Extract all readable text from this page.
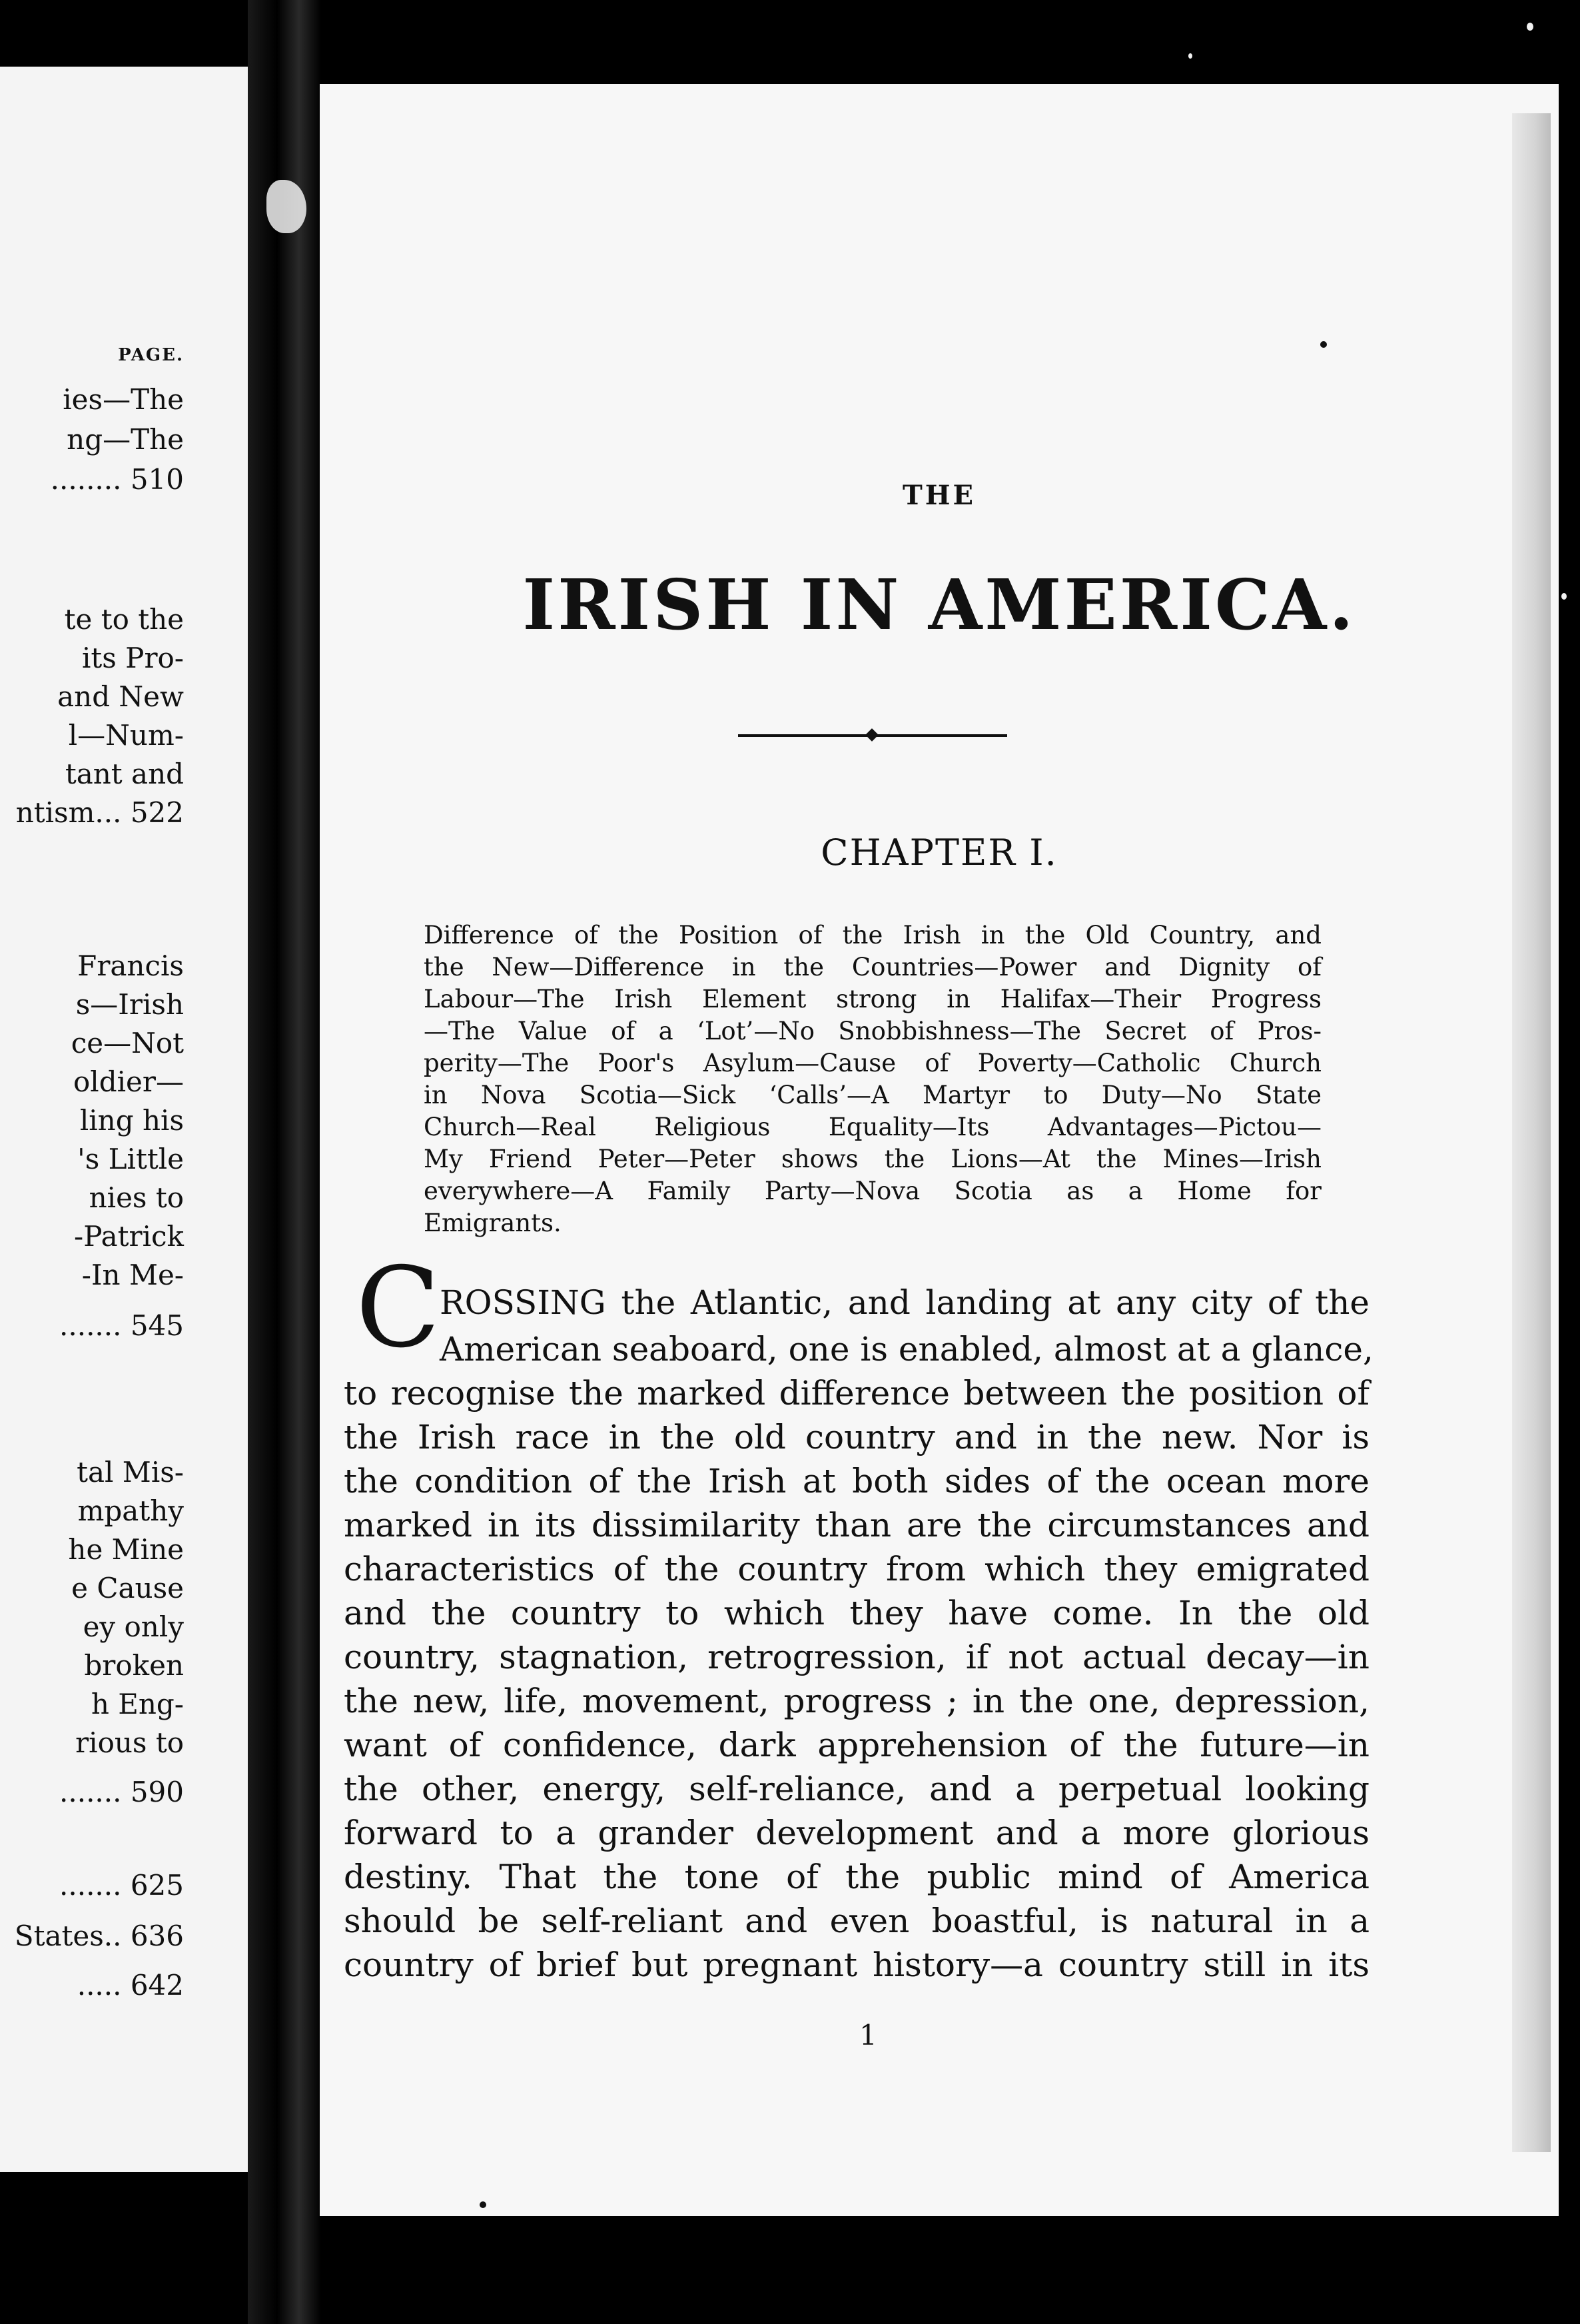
PAGE.
ies—The
ng—The
........ 510
te to the
its Pro-
and New
l—Num-
tant and
ntism... 522
Francis
s—Irish
ce—Not
oldier—
ling his
's Little
nies to
-Patrick
-In Me-
....... 545
tal Mis-
mpathy
he Mine
e Cause
ey only
broken
h Eng-
rious to
....... 590
....... 625
States.. 636
..... 642
THE
IRISH IN AMERICA.
CHAPTER I.
Difference of the Position of the Irish in the Old Country, and
the New—Difference in the Countries—Power and Dignity of
Labour—The Irish Element strong in Halifax—Their Progress
—The Value of a ‘Lot’—No Snobbishness—The Secret of Pros-
perity—The Poor's Asylum—Cause of Poverty—Catholic Church
in Nova Scotia—Sick ‘Calls’—A Martyr to Duty—No State
Church—Real Religious Equality—Its Advantages—Pictou—
My Friend Peter—Peter shows the Lions—At the Mines—Irish
everywhere—A Family Party—Nova Scotia as a Home for
Emigrants.
C
ROSSING the Atlantic, and landing at any city of the
American seaboard, one is enabled, almost at a glance,
to recognise the marked difference between the position of
the Irish race in the old country and in the new. Nor is
the condition of the Irish at both sides of the ocean more
marked in its dissimilarity than are the circumstances and
characteristics of the country from which they emigrated
and the country to which they have come. In the old
country, stagnation, retrogression, if not actual decay—in
the new, life, movement, progress ; in the one, depression,
want of confidence, dark apprehension of the future—in
the other, energy, self-reliance, and a perpetual looking
forward to a grander development and a more glorious
destiny. That the tone of the public mind of America
should be self-reliant and even boastful, is natural in a
country of brief but pregnant history—a country still in its
1
